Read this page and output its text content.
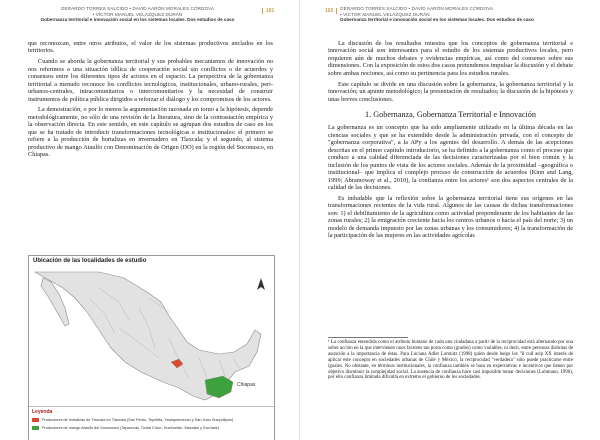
GERARDO TORRES SALCIDO • DAVID AARÓN MORALES CÓRDOVA
• VÍCTOR MANUEL VELÁZQUEZ DURÁN
Gobernanza territorial e innovación social en los sistemas locales. Dos estudios de caso
101

que reconozcan, entre otros atributos, el valor de los sistemas productivos anclados en los territorios.

Cuando se aborda la gobernanza territorial y sus probables mecanismos de innovación no nos referimos a una situación idílica de cooperación social sin conflictos o de acuerdos y consensos entre los diferentes tipos de actores en el espacio. La perspectiva de la gobernanza territorial a menudo reconoce los conflictos tecnológicos, institucionales, urbano-rurales, peri-urbanos-centrales, intracomunitarios o intercomunitarios y la necesidad de construir instrumentos de política pública dirigidos a reforzar el diálogo y los compromisos de los actores.

La demostración, o por lo menos la argumentación razonada en torno a la hipótesis, depende metodológicamente, no sólo de una revisión de la literatura, sino de la contrastación empírica y la observación directa. En este sentido, en este capítulo se agrupan dos estudios de caso en los que se ha tratado de introducir transformaciones tecnológicas e institucionales: el primero se refiere a la producción de hortalizas en invernadero en Tlaxcala; y el segundo, al sistema productivo de mango Ataulfo con Denominación de Origen (DO) en la región del Soconusco, en Chiapas.

Ubicación de las localidades de estudio
Chiapas
Leyenda
Productores de hortalizas de Tlaxcala en Tlaxcala (San Pedro, Tepetitla, Yauhquemecan y San Juan Hueyotlipan)
Productores de mango Ataulfo del Soconusco (Tapachula, Tuxtla Chico, Huehuetán, Mazatán y Suchiate)
102 GERARDO TORRES SALCIDO • DAVID AARÓN MORALES CÓRDOVA
• VÍCTOR MANUEL VELÁZQUEZ DURÁN
Gobernanza territorial e innovación social en los sistemas locales. Dos estudios de caso

La discusión de los resultados muestra que los conceptos de gobernanza territorial e innovación social son interesantes para el estudio de los sistemas productivos locales, pero requieren aún de muchos debates y evidencias empíricas, así como del consenso sobre sus dimensiones. Con la exposición de estos dos casos pretendemos impulsar la discusión y el debate sobre ambas nociones, así como su pertinencia para los estudios rurales.

Este capítulo se divide en una discusión sobre la gobernanza, la gobernanza territorial y la innovación; un apunte metodológico; la presentación de resultados; la discusión de la hipótesis y unas breves conclusiones.

1. Gobernanza, Gobernanza Territorial e Innovación

La gobernanza es un concepto que ha sido ampliamente utilizado en la última década en las ciencias sociales y que se ha extendido desde la administración privada, con el concepto de "gobernanza corporativa", a la APy a los agentes del desarrollo. A demás de las acepciones descritas en el primer capítulo introductorio, se ha definido a la gobernanza como el proceso que conduce a una calidad diferenciada de las decisiones caracterizadas por el bien común y la inclusión de los puntos de vista de los actores sociales. Además de la proximidad –geográfica o institucional– que implica el complejo proceso de construcción de acuerdos (Kinn and Lang, 1999; Abramoway et al., 2010), la confianza entre los actores¹ son dos aspectos centrales de la calidad de las decisiones.

Es indudable que la reflexión sobre la gobernanza territorial tiene sus orígenes en las transformaciones recientes de la vida rural. Algunos de las causas de dichas transformaciones son: 1) el debilitamiento de la agricultura como actividad preponderante de los habitantes de las zonas rurales; 2) la emigración creciente hacia los centros urbanos o hacia el país del norte; 3) un modelo de demanda impuesto por las zonas urbanas y los consumidores; 4) la transformación de la participación de las mujeres en las actividades agrícolas

¹ La confianza entendida como el atributo humano de cada uno ciudadana a partir de la reciprocidad está alternando por una sobre acción en la que intervienen unos factores tan porta como (grados) como variables, ni decir, entre personas distintas de asunción a la importancia de éstas. Para Luciana Adler Lomnitz (1998) quien desde luego los "lì cull aslp XX interés de aplicar este concepto en sociedades urbanas de Chile y México, la reciprocidad "verdadera" sólo puede practicarse entre iguales. No obstante, en términos institucionales, la confianza también se basa en expectativas e incentivos que tienen por objetivo disminuir la complejidad social. La ausencia de confianza hace casi imposible tomar decisiones (Luhmann, 1996), por ello confianza limitada dificulta en extremo el gobierno de los sociedades.
